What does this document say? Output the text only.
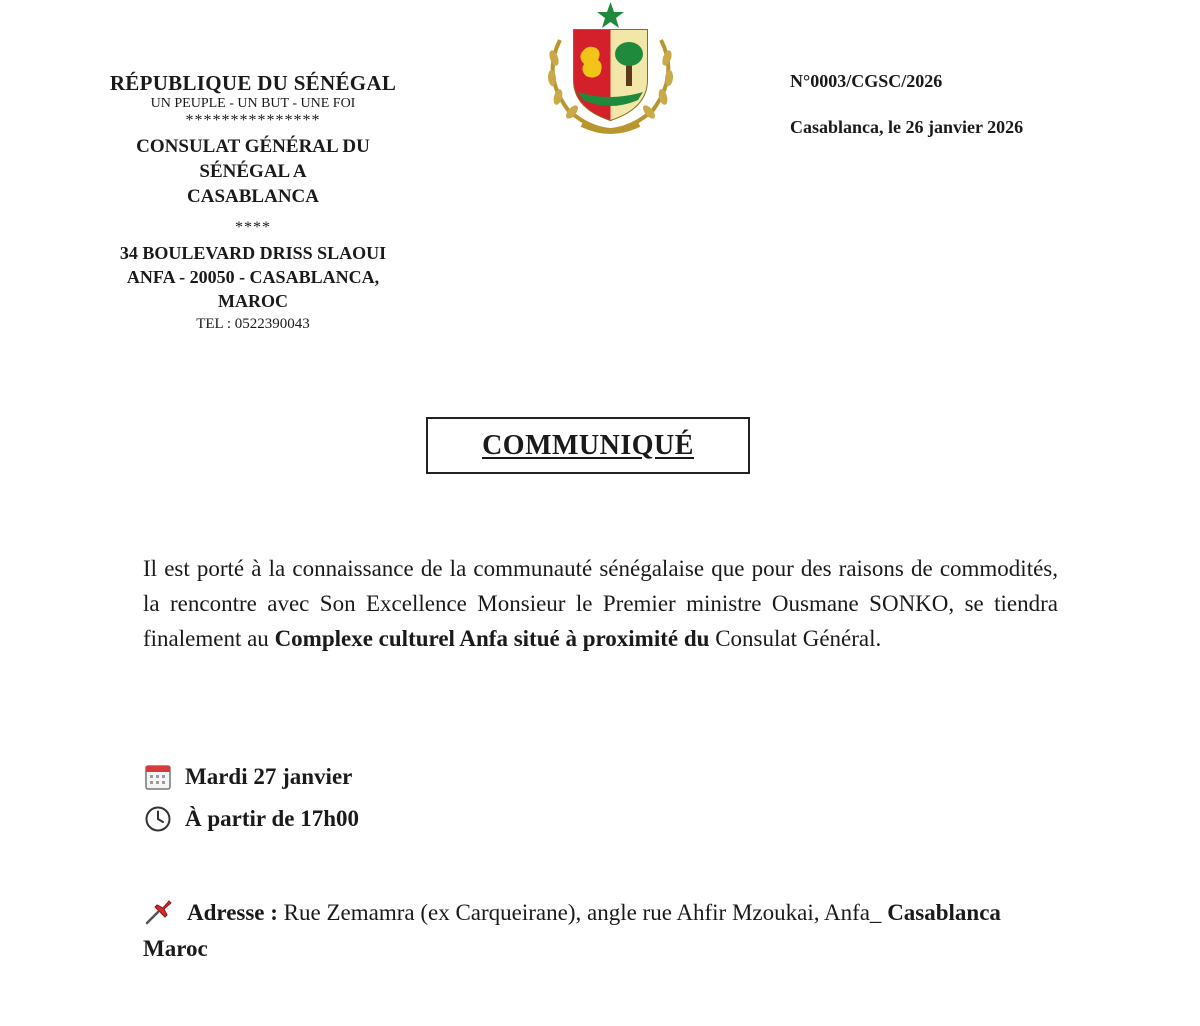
RÉPUBLIQUE DU SÉNÉGAL
UN PEUPLE - UN BUT - UNE FOI
***************
CONSULAT GÉNÉRAL DU
SÉNÉGAL A
CASABLANCA
****
34 BOULEVARD DRISS SLAOUI
ANFA - 20050 - CASABLANCA,
MAROC
TEL : 0522390043
N°0003/CGSC/2026
Casablanca, le 26 janvier 2026
COMMUNIQUÉ
Il est porté à la connaissance de la communauté sénégalaise que pour des raisons de commodités, la rencontre avec Son Excellence Monsieur le Premier ministre Ousmane SONKO, se tiendra finalement au Complexe culturel Anfa situé à proximité du Consulat Général.
Mardi 27 janvier
À partir de 17h00
Adresse : Rue Zemamra (ex Carqueirane), angle rue Ahfir Mzoukai, Anfa_ Casablanca Maroc
